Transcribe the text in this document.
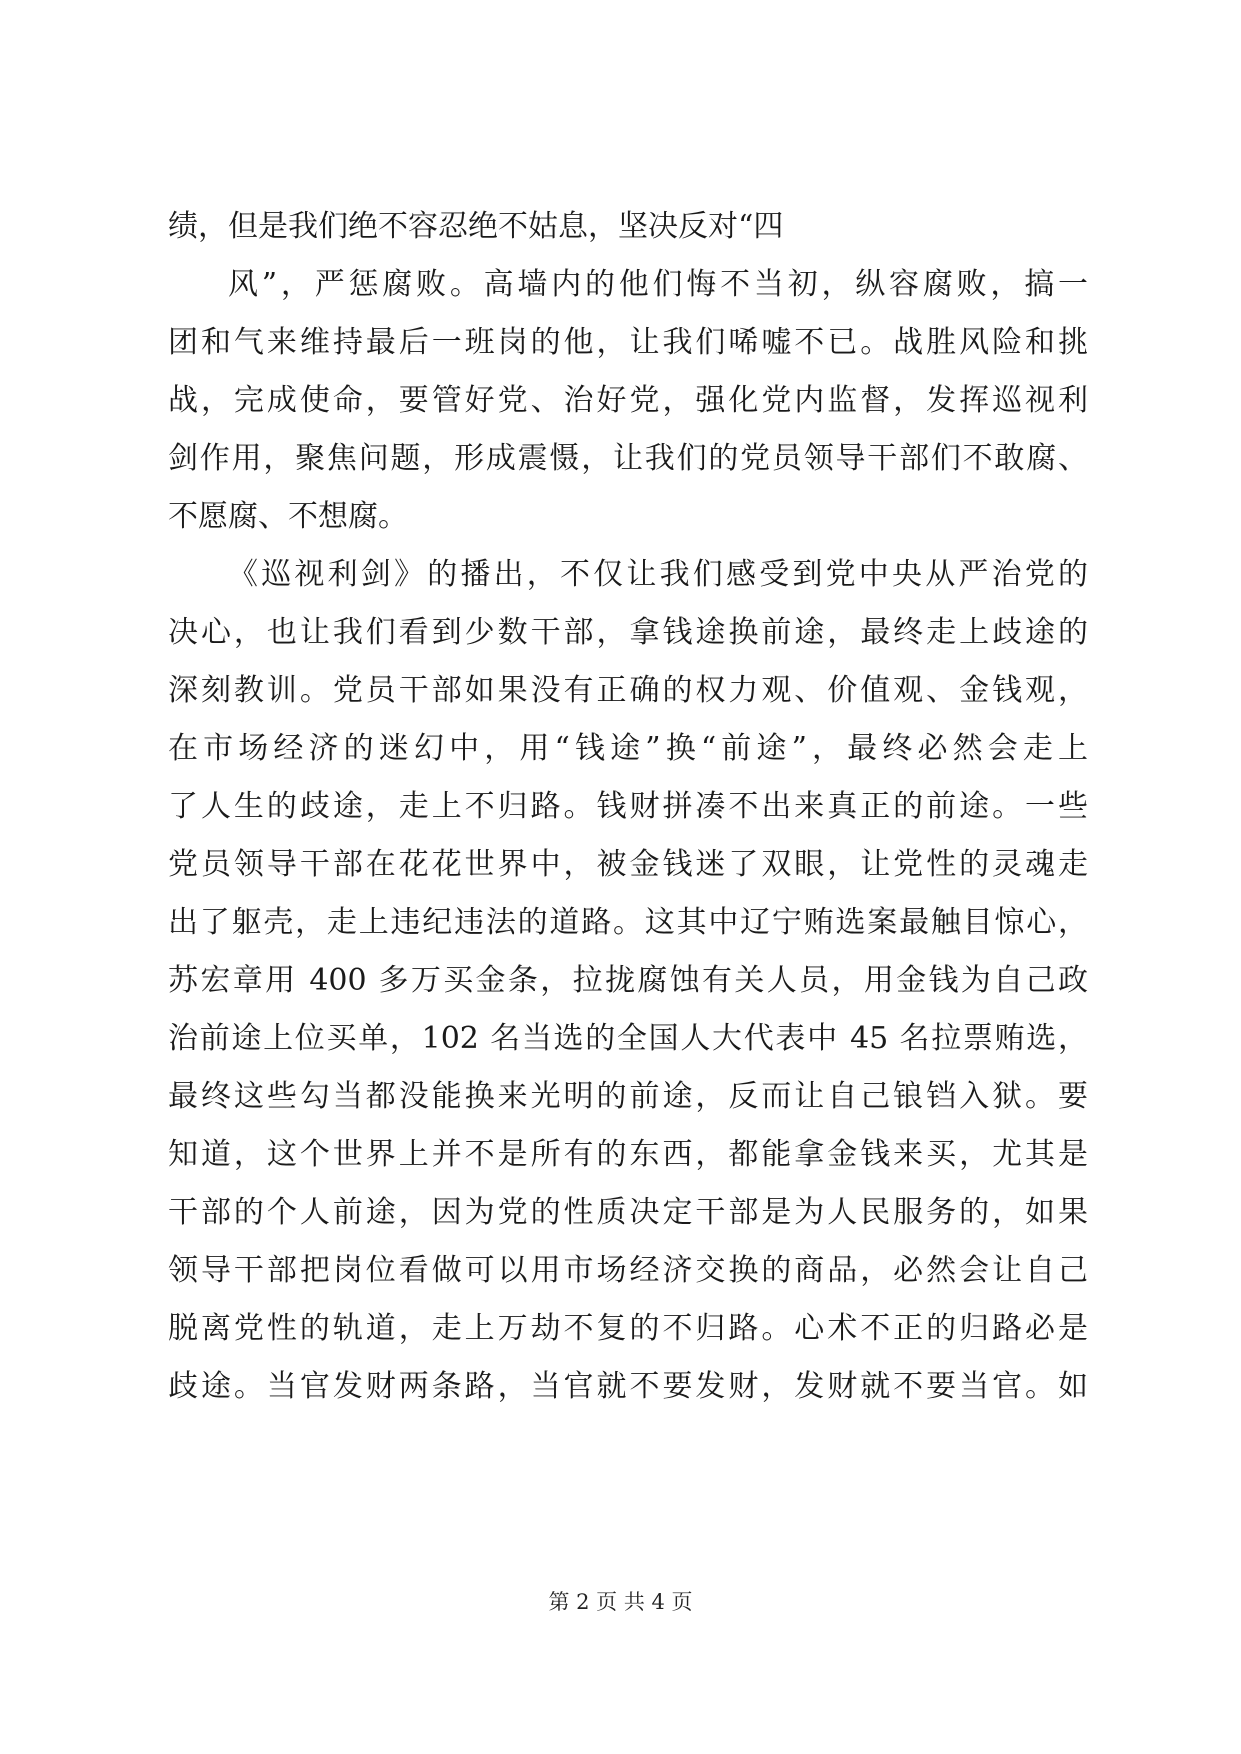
绩，但是我们绝不容忍绝不姑息，坚决反对“四
风”，严惩腐败。高墙内的他们悔不当初，纵容腐败，搞一
团和气来维持最后一班岗的他，让我们唏嘘不已。战胜风险和挑
战，完成使命，要管好党、治好党，强化党内监督，发挥巡视利
剑作用，聚焦问题，形成震慑，让我们的党员领导干部们不敢腐、
不愿腐、不想腐。
《巡视利剑》的播出，不仅让我们感受到党中央从严治党的
决心，也让我们看到少数干部，拿钱途换前途，最终走上歧途的
深刻教训。党员干部如果没有正确的权力观、价值观、金钱观，
在市场经济的迷幻中，用“钱途”换“前途”，最终必然会走上
了人生的歧途，走上不归路。钱财拼凑不出来真正的前途。一些
党员领导干部在花花世界中，被金钱迷了双眼，让党性的灵魂走
出了躯壳，走上违纪违法的道路。这其中辽宁贿选案最触目惊心，
苏宏章用 400 多万买金条，拉拢腐蚀有关人员，用金钱为自己政
治前途上位买单，102 名当选的全国人大代表中 45 名拉票贿选，
最终这些勾当都没能换来光明的前途，反而让自己锒铛入狱。要
知道，这个世界上并不是所有的东西，都能拿金钱来买，尤其是
干部的个人前途，因为党的性质决定干部是为人民服务的，如果
领导干部把岗位看做可以用市场经济交换的商品，必然会让自己
脱离党性的轨道，走上万劫不复的不归路。心术不正的归路必是
歧途。当官发财两条路，当官就不要发财，发财就不要当官。如
第 2 页 共 4 页
